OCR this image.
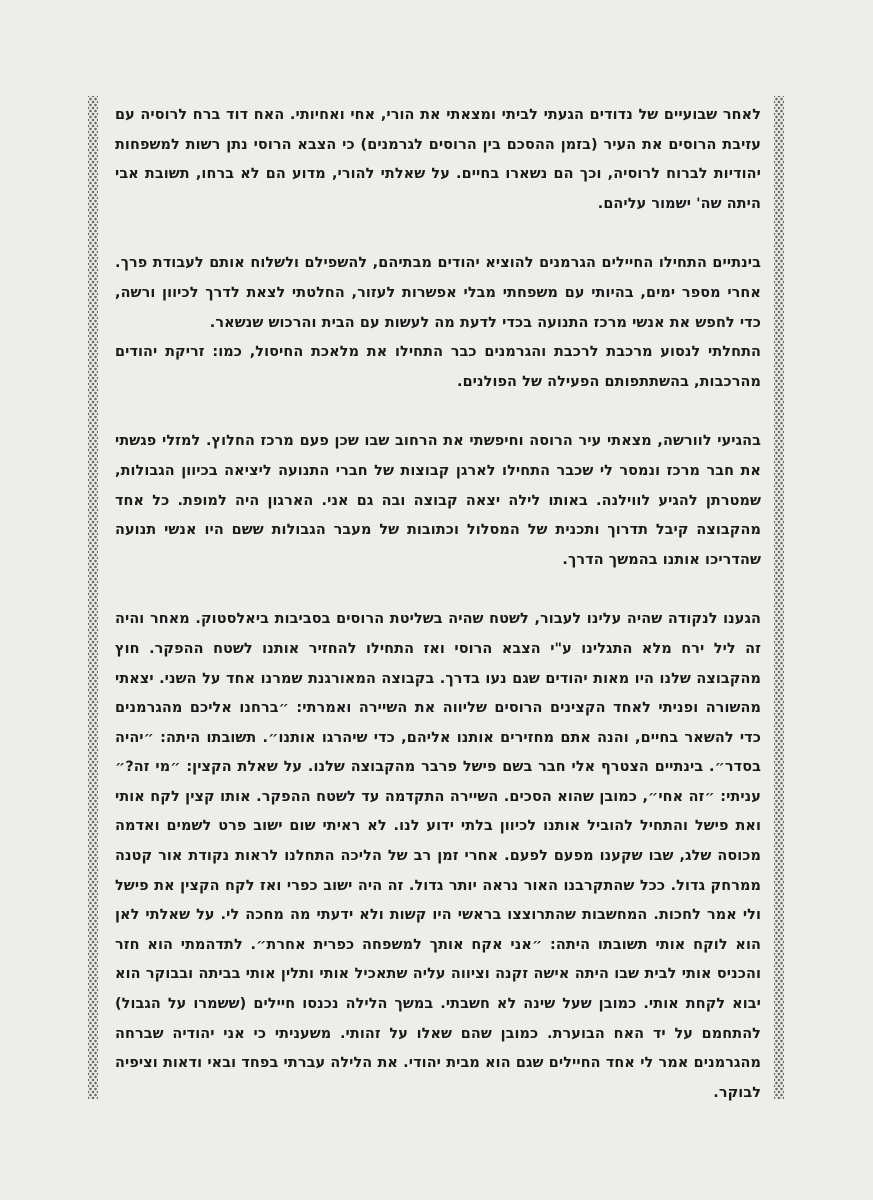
לאחר שבועיים של נדודים הגעתי לביתי ומצאתי את הורי, אחי ואחיותי. האח דוד ברח לרוסיה עם עזיבת הרוסים את העיר (בזמן ההסכם בין הרוסים לגרמנים) כי הצבא הרוסי נתן רשות למשפחות יהודיות לברוח לרוסיה, וכך הם נשארו בחיים. על שאלתי להורי, מדוע הם לא ברחו, תשובת אבי היתה שה' ישמור עליהם.

בינתיים התחילו החיילים הגרמנים להוציא יהודים מבתיהם, להשפילם ולשלוח אותם לעבודת פרך. אחרי מספר ימים, בהיותי עם משפחתי מבלי אפשרות לעזור, החלטתי לצאת לדרך לכיוון ורשה, כדי לחפש את אנשי מרכז התנועה בכדי לדעת מה לעשות עם הבית והרכוש שנשאר.

התחלתי לנסוע מרכבת לרכבת והגרמנים כבר התחילו את מלאכת החיסול, כמו: זריקת יהודים מהרכבות, בהשתתפותם הפעילה של הפולנים.

בהגיעי לוורשה, מצאתי עיר הרוסה וחיפשתי את הרחוב שבו שכן פעם מרכז החלוץ. למזלי פגשתי את חבר מרכז ונמסר לי שכבר התחילו לארגן קבוצות של חברי התנועה ליציאה בכיוון הגבולות, שמטרתן להגיע לווילנה. באותו לילה יצאה קבוצה ובה גם אני. הארגון היה למופת. כל אחד מהקבוצה קיבל תדרוך ותכנית של המסלול וכתובות של מעבר הגבולות ששם היו אנשי תנועה שהדריכו אותנו בהמשך הדרך.

הגענו לנקודה שהיה עלינו לעבור, לשטח שהיה בשליטת הרוסים בסביבות ביאלסטוק. מאחר והיה זה ליל ירח מלא התגלינו ע"י הצבא הרוסי ואז התחילו להחזיר אותנו לשטח ההפקר. חוץ מהקבוצה שלנו היו מאות יהודים שגם נעו בדרך. בקבוצה המאורגנת שמרנו אחד על השני. יצאתי מהשורה ופניתי לאחד הקצינים הרוסים שליווה את השיירה ואמרתי: ״ברחנו אליכם מהגרמנים כדי להשאר בחיים, והנה אתם מחזירים אותנו אליהם, כדי שיהרגו אותנו״. תשובתו היתה: ״יהיה בסדר״. בינתיים הצטרף אלי חבר בשם פישל פרבר מהקבוצה שלנו. על שאלת הקצין: ״מי זה?״ עניתי: ״זה אחי״, כמובן שהוא הסכים. השיירה התקדמה עד לשטח ההפקר. אותו קצין לקח אותי ואת פישל והתחיל להוביל אותנו לכיוון בלתי ידוע לנו. לא ראיתי שום ישוב פרט לשמים ואדמה מכוסה שלג, שבו שקענו מפעם לפעם. אחרי זמן רב של הליכה התחלנו לראות נקודת אור קטנה ממרחק גדול. ככל שהתקרבנו האור נראה יותר גדול. זה היה ישוב כפרי ואז לקח הקצין את פישל ולי אמר לחכות. המחשבות שהתרוצצו בראשי היו קשות ולא ידעתי מה מחכה לי. על שאלתי לאן הוא לוקח אותי תשובתו היתה: ״אני אקח אותך למשפחה כפרית אחרת״. לתדהמתי הוא חזר והכניס אותי לבית שבו היתה אישה זקנה וציווה עליה שתאכיל אותי ותלין אותי בביתה ובבוקר הוא יבוא לקחת אותי. כמובן שעל שינה לא חשבתי. במשך הלילה נכנסו חיילים (ששמרו על הגבול) להתחמם על יד האח הבוערת. כמובן שהם שאלו על זהותי. משעניתי כי אני יהודיה שברחה מהגרמנים אמר לי אחד החיילים שגם הוא מבית יהודי. את הלילה עברתי בפחד ובאי ודאות וציפיה לבוקר.
